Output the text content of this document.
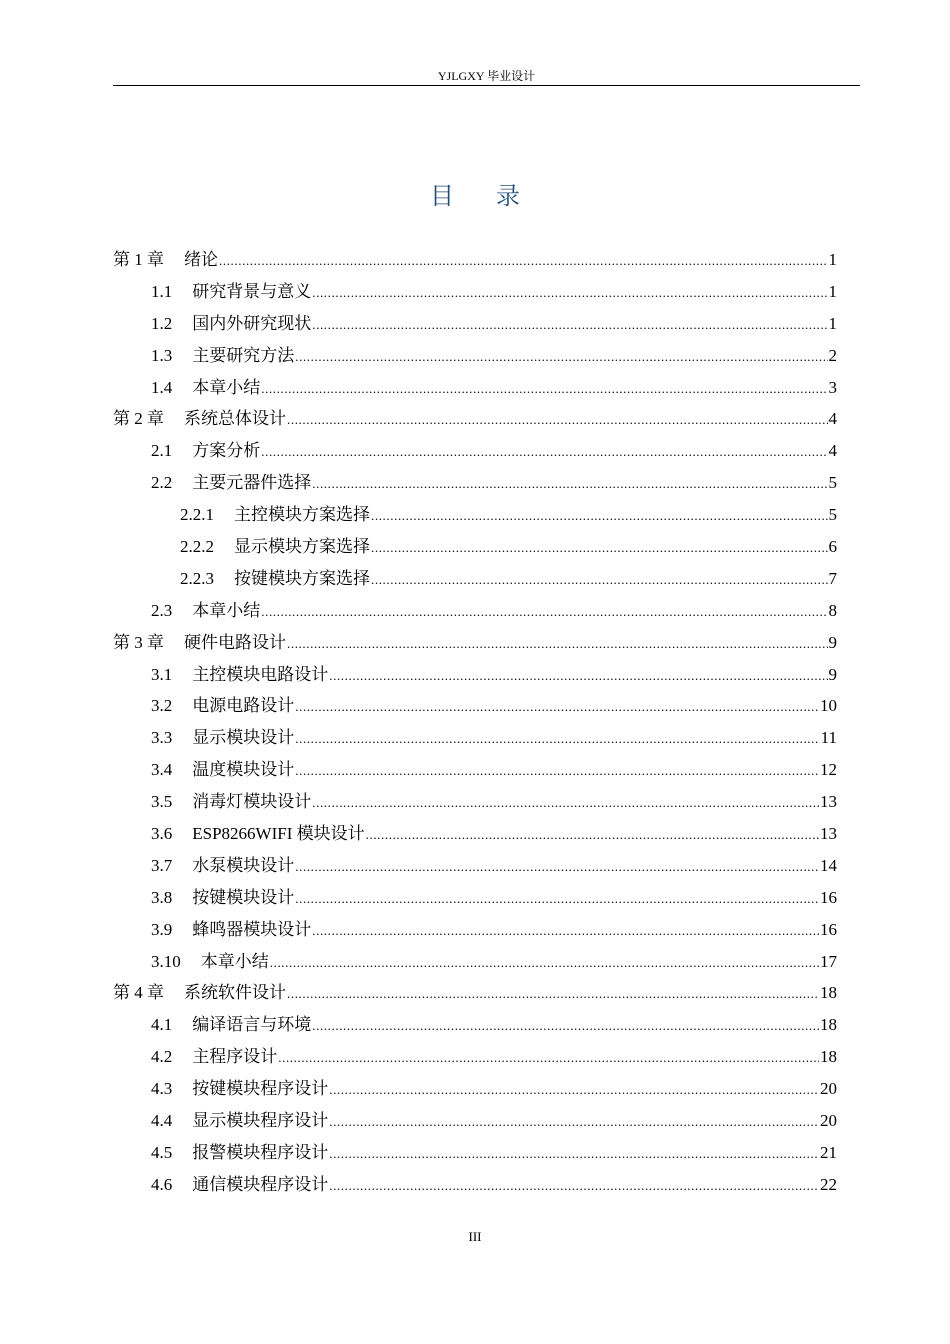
YJLGXY 毕业设计
目录
第 1 章 绪论 .....	1
1.1 研究背景与意义 .....	1
1.2 国内外研究现状 .....	1
1.3 主要研究方法 .....	2
1.4 本章小结 .....	3
第 2 章 系统总体设计 .....	4
2.1 方案分析 .....	4
2.2 主要元器件选择 .....	5
2.2.1 主控模块方案选择 .....	5
2.2.2 显示模块方案选择 .....	6
2.2.3 按键模块方案选择 .....	7
2.3 本章小结 .....	8
第 3 章 硬件电路设计 .....	9
3.1 主控模块电路设计 .....	9
3.2 电源电路设计 .....	10
3.3 显示模块设计 .....	11
3.4 温度模块设计 .....	12
3.5 消毒灯模块设计 .....	13
3.6 ESP8266WIFI 模块设计 .....	13
3.7 水泵模块设计 .....	14
3.8 按键模块设计 .....	16
3.9 蜂鸣器模块设计 .....	16
3.10 本章小结 .....	17
第 4 章 系统软件设计 .....	18
4.1 编译语言与环境 .....	18
4.2 主程序设计 .....	18
4.3 按键模块程序设计 .....	20
4.4 显示模块程序设计 .....	20
4.5 报警模块程序设计 .....	21
4.6 通信模块程序设计 .....	22
III
